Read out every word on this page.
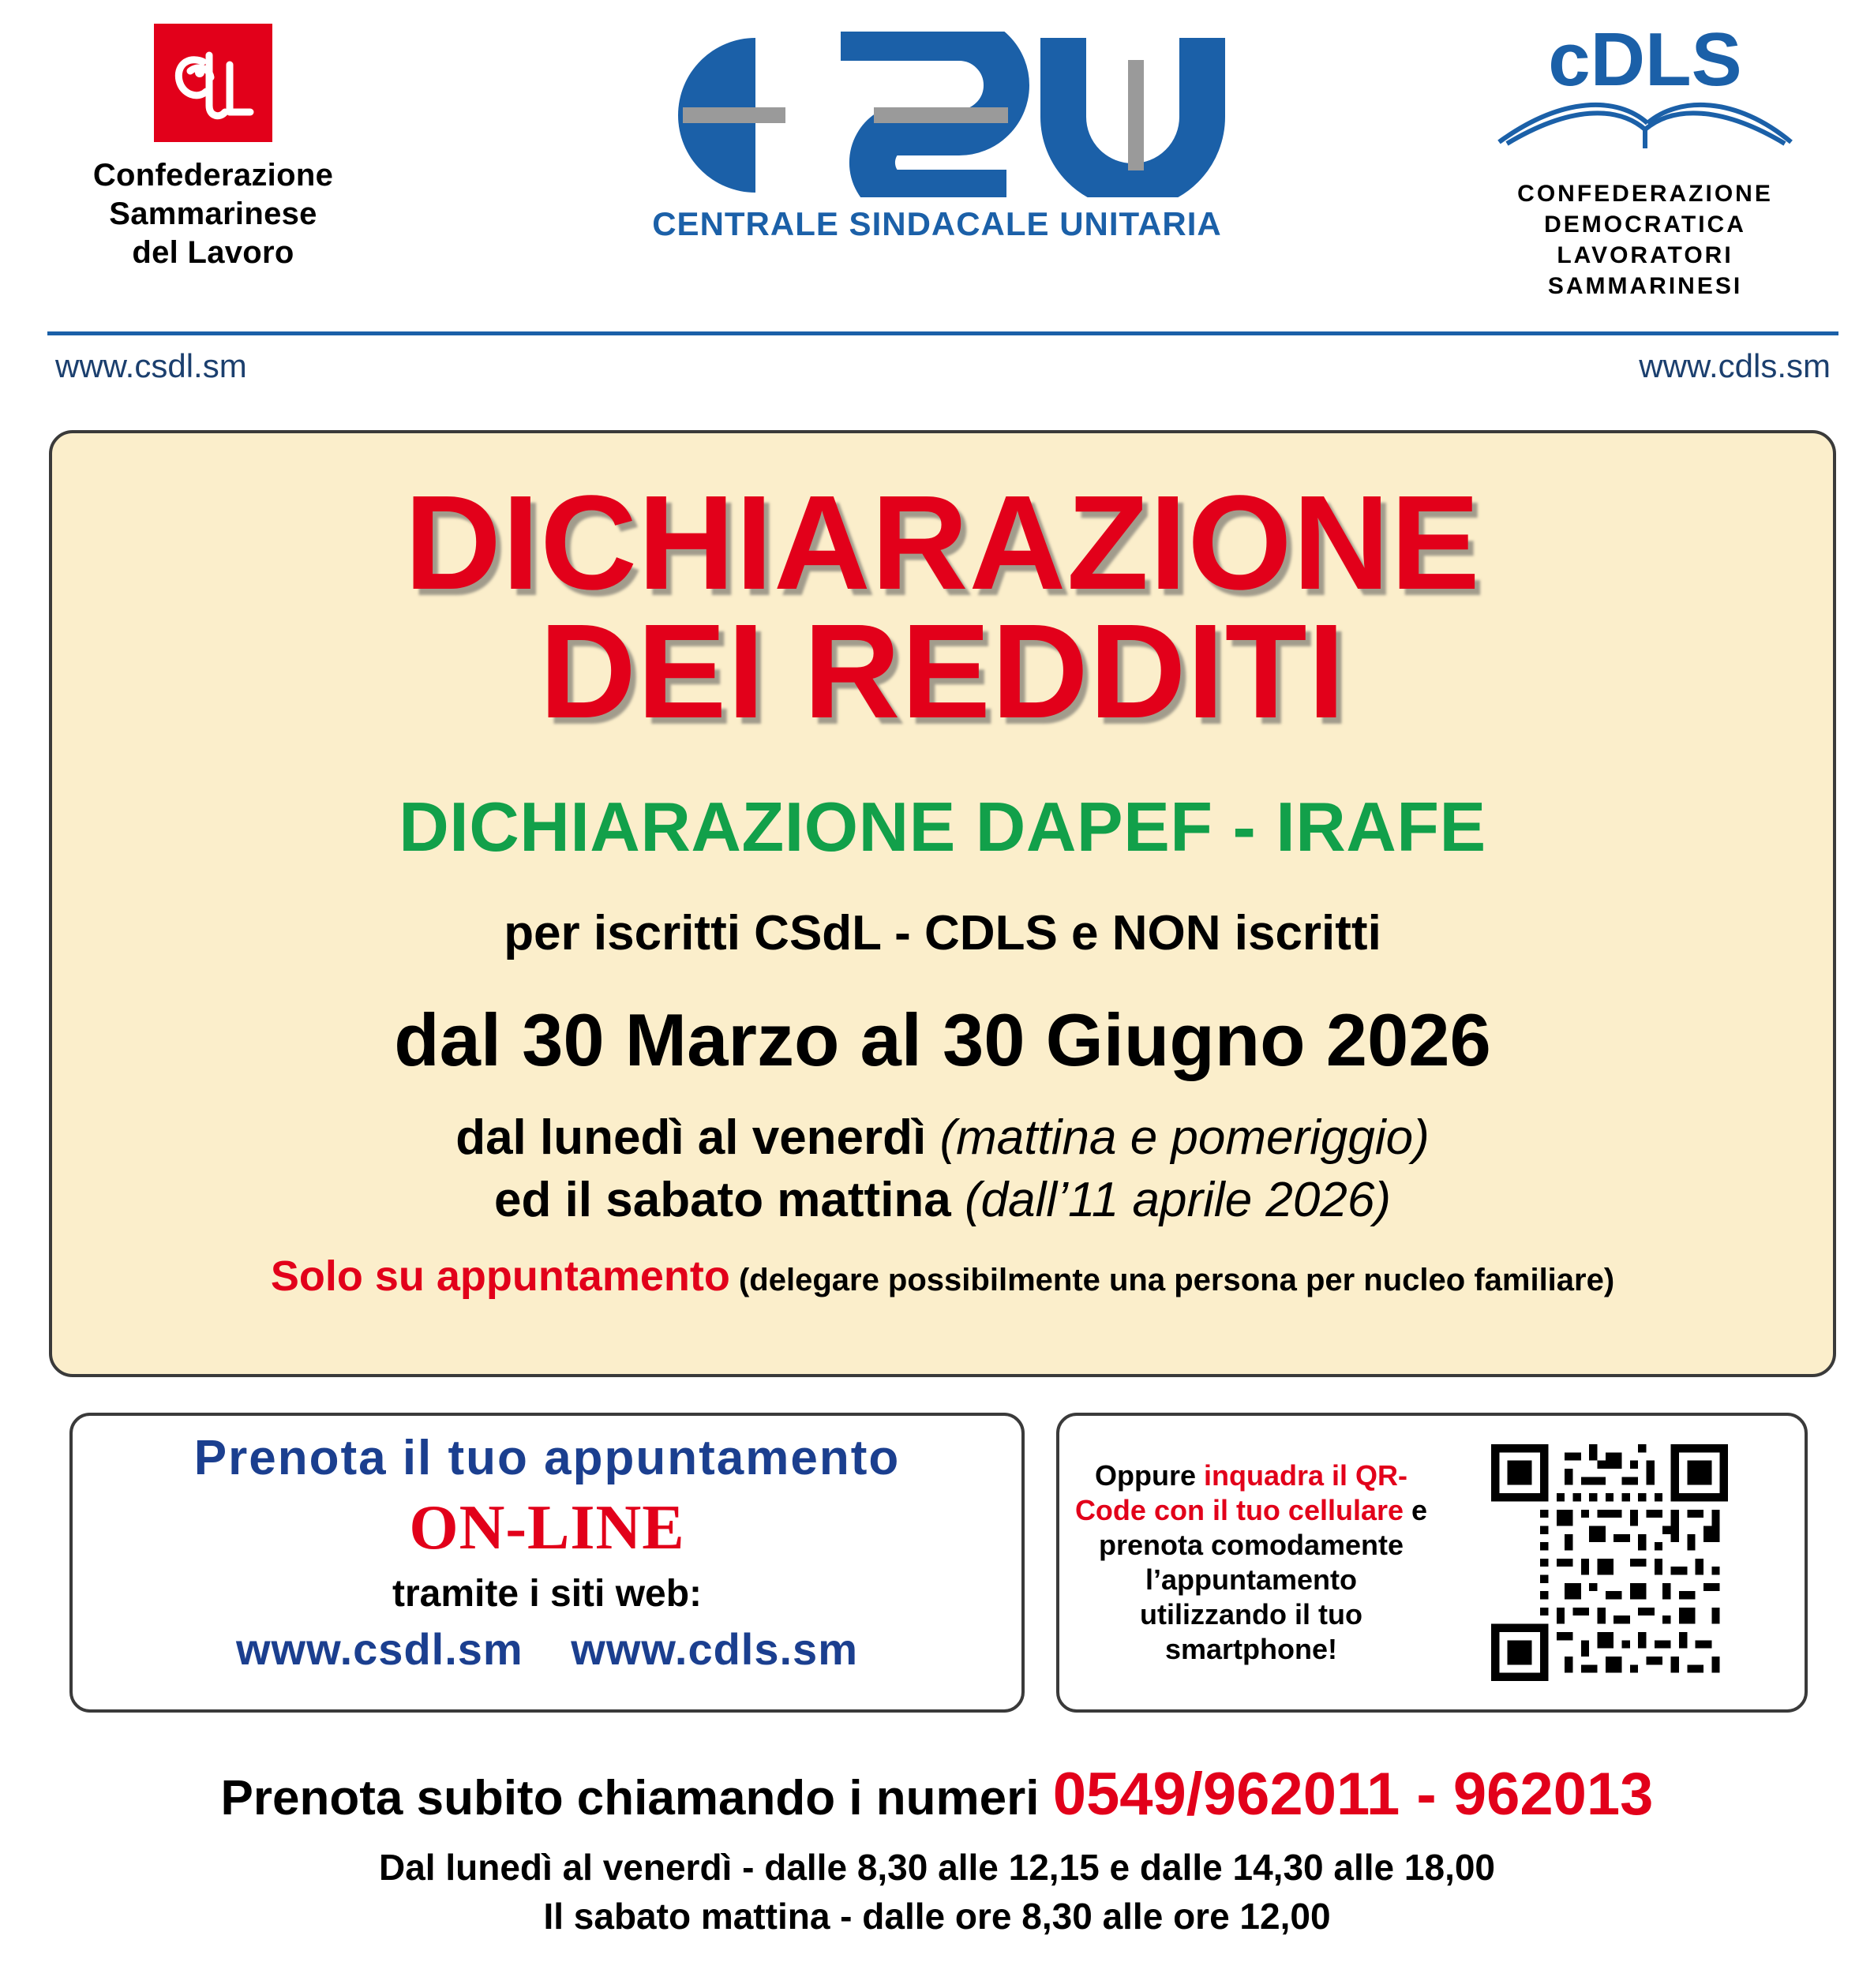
Confederazione
Sammarinese
del Lavoro
CENTRALE SINDACALE UNITARIA
cDLS
CONFEDERAZIONE
DEMOCRATICA
LAVORATORI
SAMMARINESI
www.csdl.sm	www.cdls.sm
DICHIARAZIONE
DEI REDDITI
DICHIARAZIONE DAPEF - IRAFE
per iscritti CSdL - CDLS e NON iscritti
dal 30 Marzo al 30 Giugno 2026
dal lunedì al venerdì (mattina e pomeriggio)
ed il sabato mattina (dall’11 aprile 2026)
Solo su appuntamento (delegare possibilmente una persona per nucleo familiare)
Prenota il tuo appuntamento
ON-LINE
tramite i siti web:
www.csdl.sm www.cdls.sm
Oppure inquadra il QR-Code con il tuo cellulare e prenota comodamente l’appuntamento utilizzando il tuo smartphone!
Prenota subito chiamando i numeri 0549/962011 - 962013
Dal lunedì al venerdì - dalle 8,30 alle 12,15 e dalle 14,30 alle 18,00
Il sabato mattina - dalle ore 8,30 alle ore 12,00
